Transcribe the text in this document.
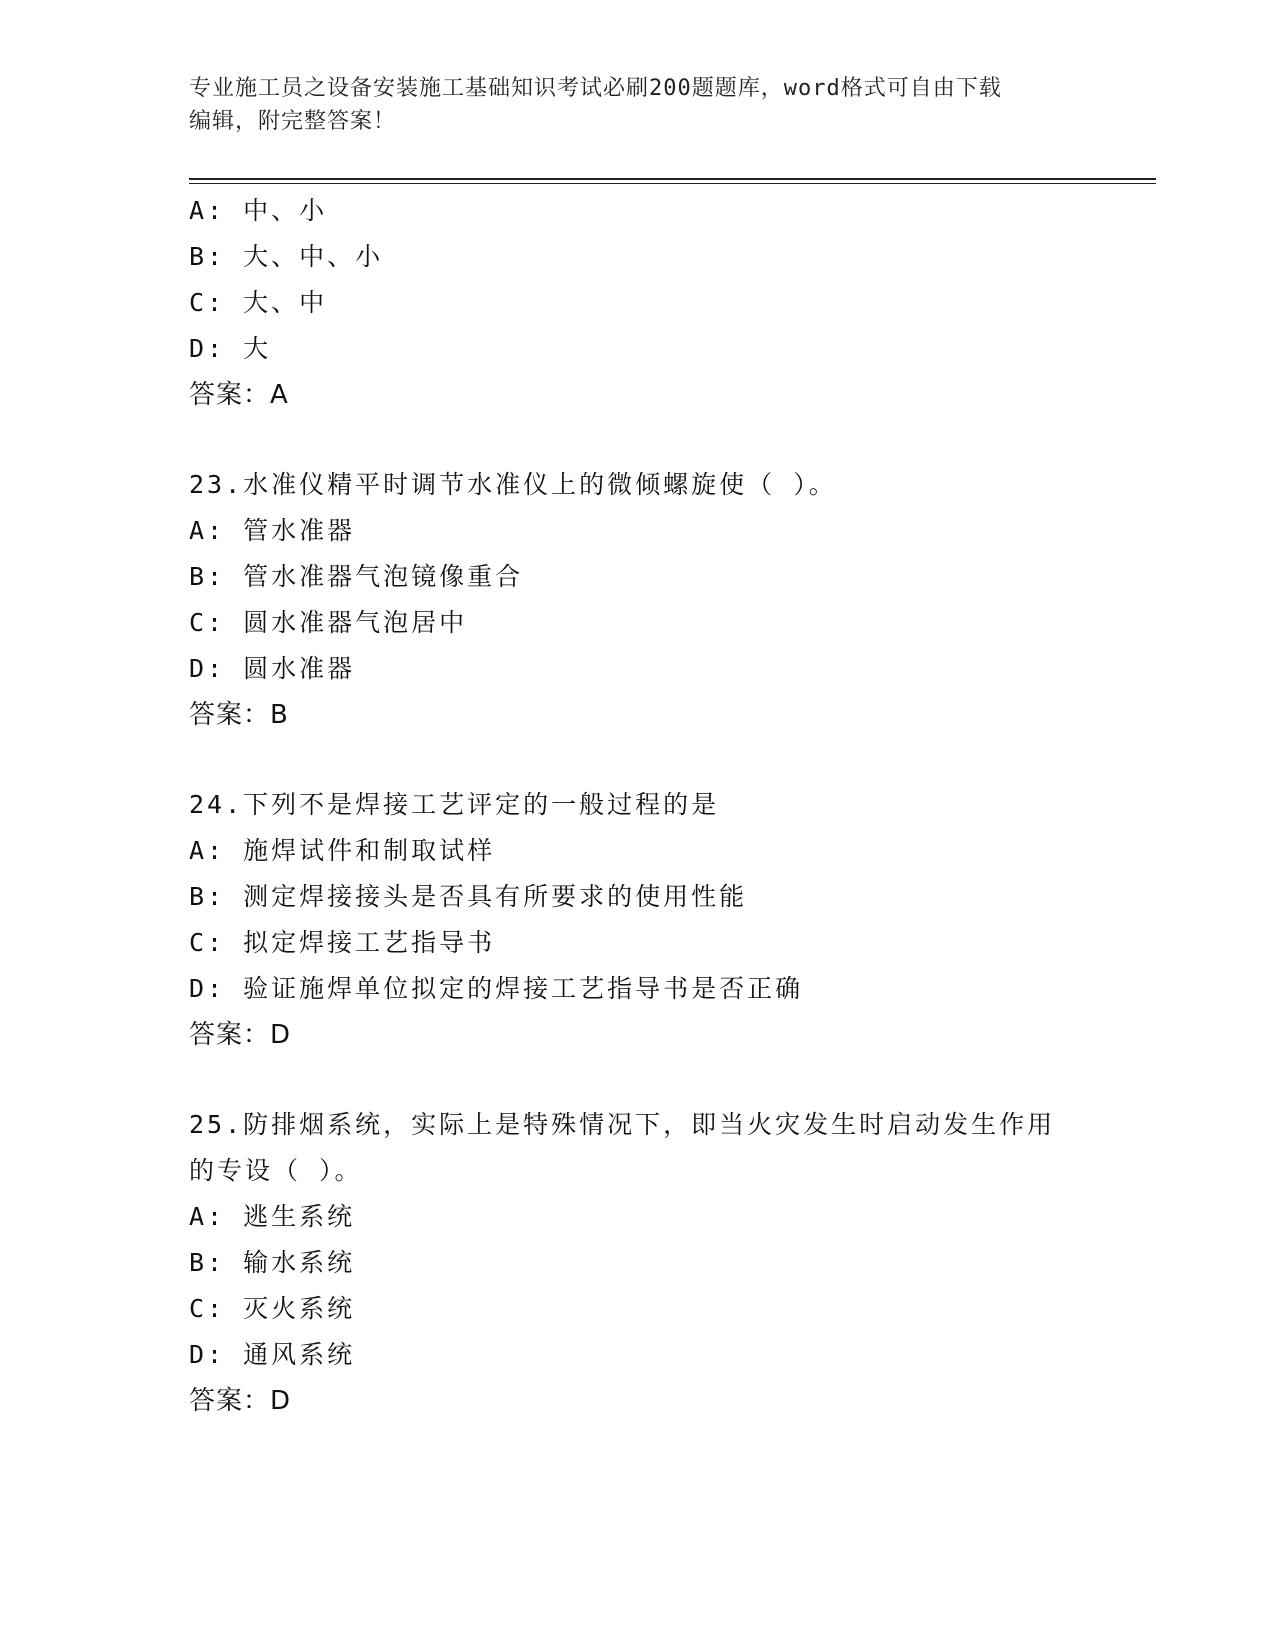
专业施工员之设备安装施工基础知识考试必刷200题题库，word格式可自由下载
编辑，附完整答案！
A: 中、小
B: 大、中、小
C: 大、中
D: 大
答案：A
23.水准仪精平时调节水准仪上的微倾螺旋使（ ）。
A: 管水准器
B: 管水准器气泡镜像重合
C: 圆水准器气泡居中
D: 圆水准器
答案：B
24.下列不是焊接工艺评定的一般过程的是
A: 施焊试件和制取试样
B: 测定焊接接头是否具有所要求的使用性能
C: 拟定焊接工艺指导书
D: 验证施焊单位拟定的焊接工艺指导书是否正确
答案：D
25.防排烟系统，实际上是特殊情况下，即当火灾发生时启动发生作用
的专设（ ）。
A: 逃生系统
B: 输水系统
C: 灭火系统
D: 通风系统
答案：D
